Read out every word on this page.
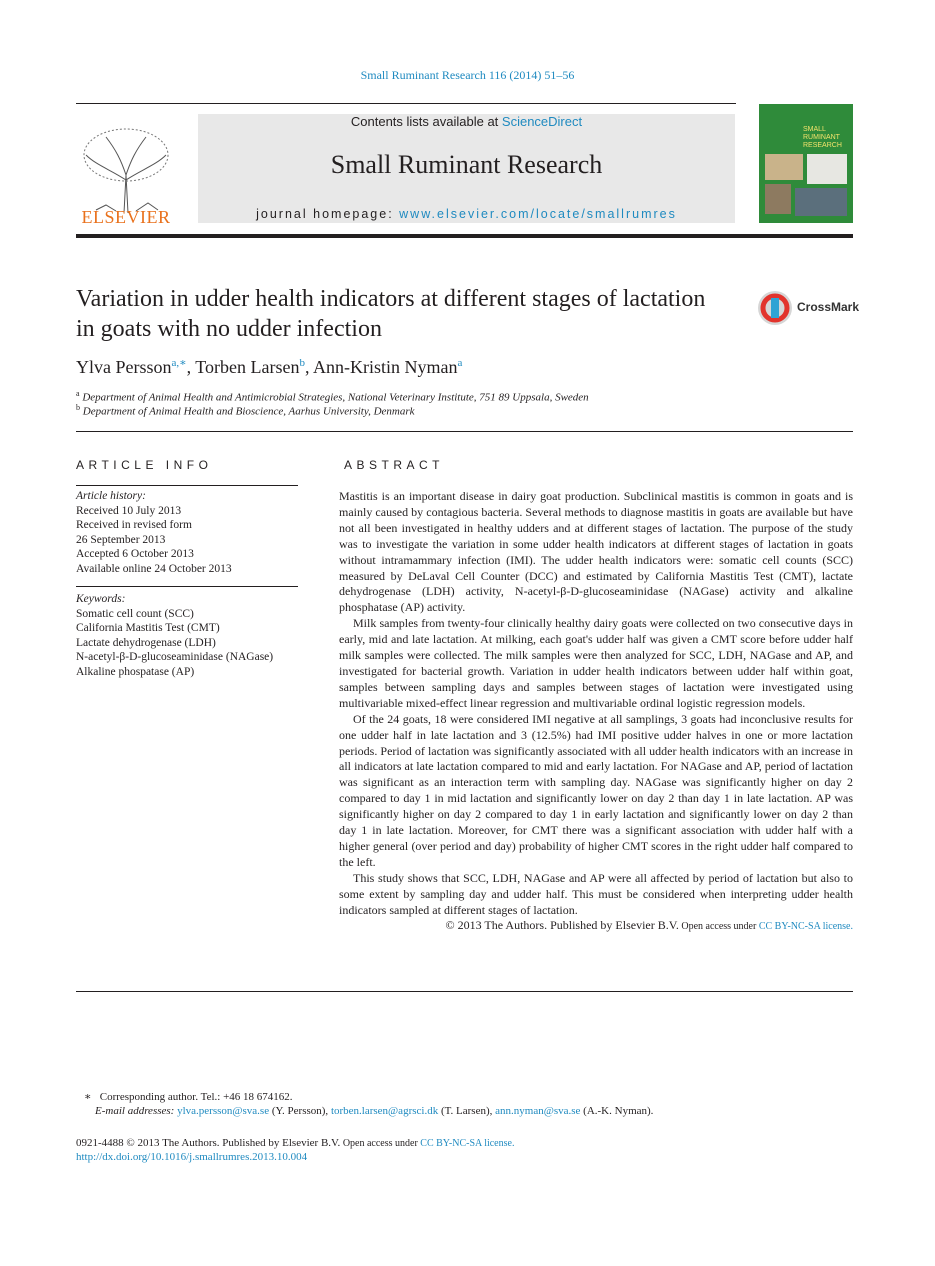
Small Ruminant Research 116 (2014) 51–56
ELSEVIER
Contents lists available at ScienceDirect
Small Ruminant Research
journal homepage: www.elsevier.com/locate/smallrumres
SMALL RUMINANT RESEARCH
Variation in udder health indicators at different stages of lactation in goats with no udder infection
CrossMark
Ylva Persson$^{a,∗}$, Torben Larsen$^b$, Ann-Kristin Nyman$^a$
$^a$ Department of Animal Health and Antimicrobial Strategies, National Veterinary Institute, 751 89 Uppsala, Sweden
$^b$ Department of Animal Health and Bioscience, Aarhus University, Denmark
ARTICLE INFO
Article history:
Received 10 July 2013
Received in revised form
26 September 2013
Accepted 6 October 2013
Available online 24 October 2013
Keywords:
Somatic cell count (SCC)
California Mastitis Test (CMT)
Lactate dehydrogenase (LDH)
N-acetyl-β-D-glucoseaminidase (NAGase)
Alkaline phospatase (AP)
ABSTRACT

Mastitis is an important disease in dairy goat production. Subclinical mastitis is common in goats and is mainly caused by contagious bacteria. Several methods to diagnose mastitis in goats are available but have not all been investigated in healthy udders and at different stages of lactation. The purpose of the study was to investigate the variation in some udder health indicators at different stages of lactation in goats without intramammary infection (IMI). The udder health indicators were: somatic cell counts (SCC) measured by DeLaval Cell Counter (DCC) and estimated by California Mastitis Test (CMT), lactate dehydrogenase (LDH) activity, N-acetyl-β-D-glucoseaminidase (NAGase) activity and alkaline phosphatase (AP) activity.

Milk samples from twenty-four clinically healthy dairy goats were collected on two consecutive days in early, mid and late lactation. At milking, each goat's udder half was given a CMT score before udder half milk samples were collected. The milk samples were then analyzed for SCC, LDH, NAGase and AP, and investigated for bacterial growth. Variation in udder health indicators between udder half within goat, samples between sampling days and samples between stages of lactation were investigated using multivariable mixed-effect linear regression and multivariable ordinal logistic regression models.

Of the 24 goats, 18 were considered IMI negative at all samplings, 3 goats had inconclusive results for one udder half in late lactation and 3 (12.5%) had IMI positive udder halves in one or more lactation periods. Period of lactation was significantly associated with all udder health indicators with an increase in all indicators at late lactation compared to mid and early lactation. For NAGase and AP, period of lactation was significant as an interaction term with sampling day. NAGase was significantly higher on day 2 compared to day 1 in mid lactation and significantly lower on day 2 than day 1 in late lactation. AP was significantly higher on day 2 compared to day 1 in early lactation and significantly lower on day 2 than day 1 in late lactation. Moreover, for CMT there was a significant association with udder half with a higher general (over period and day) probability of higher CMT scores in the right udder half compared to the left.

This study shows that SCC, LDH, NAGase and AP were all affected by period of lactation but also to some extent by sampling day and udder half. This must be considered when interpreting udder health indicators sampled at different stages of lactation.

© 2013 The Authors. Published by Elsevier B.V. Open access under CC BY-NC-SA license.

∗ Corresponding author. Tel.: +46 18 674162.
E-mail addresses: ylva.persson@sva.se (Y. Persson), torben.larsen@agrsci.dk (T. Larsen), ann.nyman@sva.se (A.-K. Nyman).
0921-4488 © 2013 The Authors. Published by Elsevier B.V. Open access under CC BY-NC-SA license.
http://dx.doi.org/10.1016/j.smallrumres.2013.10.004
